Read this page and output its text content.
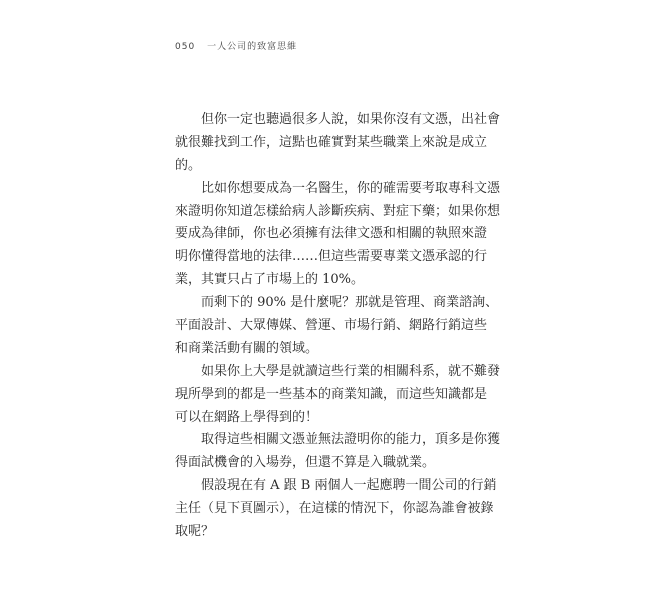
050 一人公司的致富思維
但你一定也聽過很多人說，如果你沒有文憑，出社會
就很難找到工作，這點也確實對某些職業上來說是成立
的。
比如你想要成為一名醫生，你的確需要考取專科文憑
來證明你知道怎樣給病人診斷疾病、對症下藥；如果你想
要成為律師，你也必須擁有法律文憑和相關的執照來證
明你懂得當地的法律……但這些需要專業文憑承認的行
業，其實只占了市場上的 10%。
而剩下的 90% 是什麼呢？那就是管理、商業諮詢、
平面設計、大眾傳媒、營運、市場行銷、網路行銷這些
和商業活動有關的領域。
如果你上大學是就讀這些行業的相關科系，就不難發
現所學到的都是一些基本的商業知識，而這些知識都是
可以在網路上學得到的！
取得這些相關文憑並無法證明你的能力，頂多是你獲
得面試機會的入場券，但還不算是入職就業。
假設現在有 A 跟 B 兩個人一起應聘一間公司的行銷
主任（見下頁圖示），在這樣的情況下，你認為誰會被錄
取呢？
